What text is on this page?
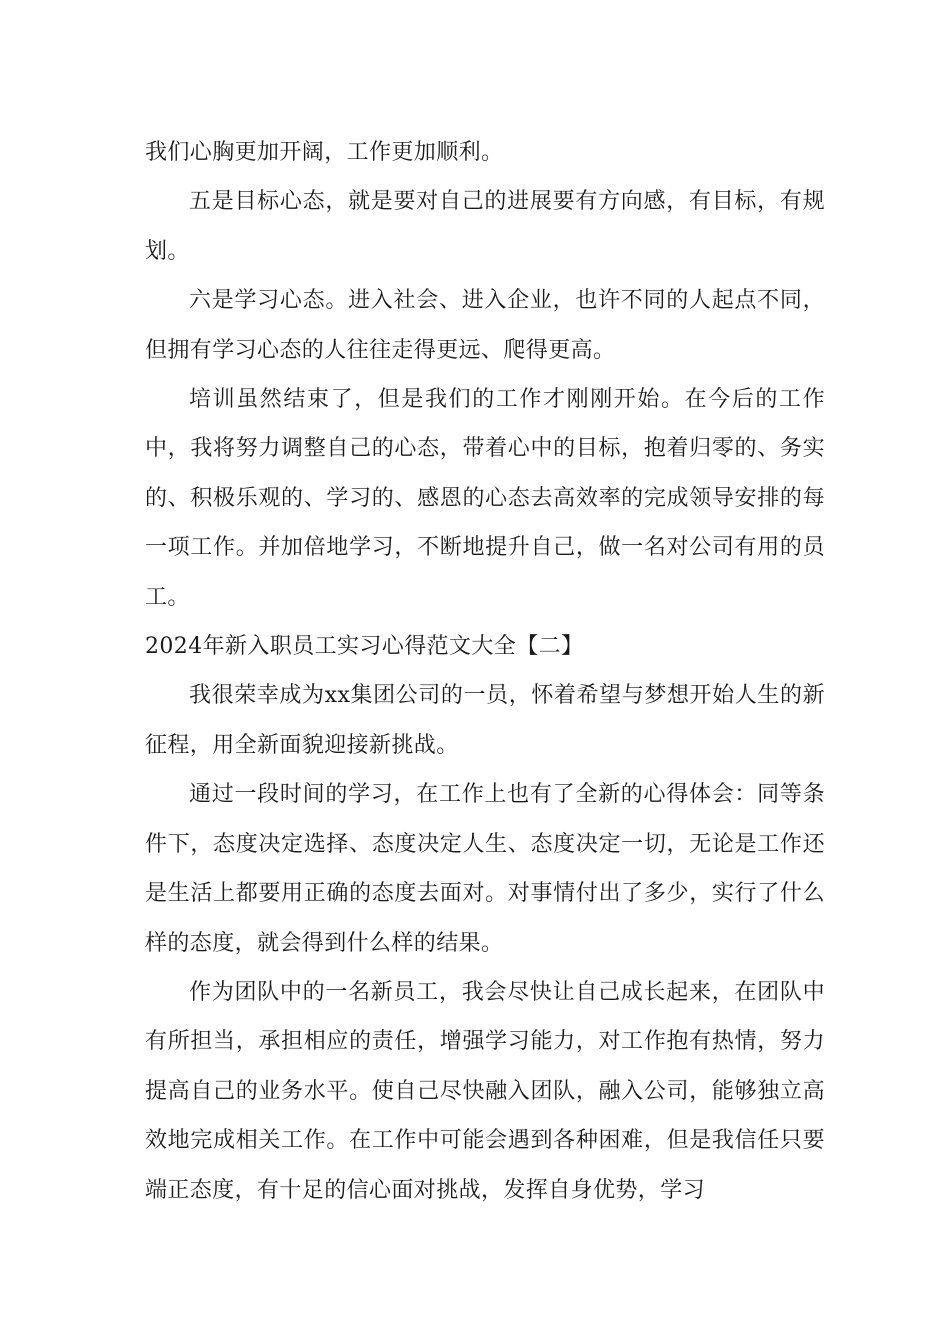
我们心胸更加开阔，工作更加顺利。

五是目标心态，就是要对自己的进展要有方向感，有目标，有规划。

六是学习心态。进入社会、进入企业，也许不同的人起点不同，但拥有学习心态的人往往走得更远、爬得更高。

培训虽然结束了，但是我们的工作才刚刚开始。在今后的工作中，我将努力调整自己的心态，带着心中的目标，抱着归零的、务实的、积极乐观的、学习的、感恩的心态去高效率的完成领导安排的每一项工作。并加倍地学习，不断地提升自己，做一名对公司有用的员工。

2024年新入职员工实习心得范文大全【二】

我很荣幸成为xx集团公司的一员，怀着希望与梦想开始人生的新征程，用全新面貌迎接新挑战。

通过一段时间的学习，在工作上也有了全新的心得体会：同等条件下，态度决定选择、态度决定人生、态度决定一切，无论是工作还是生活上都要用正确的态度去面对。对事情付出了多少，实行了什么样的态度，就会得到什么样的结果。

作为团队中的一名新员工，我会尽快让自己成长起来，在团队中有所担当，承担相应的责任，增强学习能力，对工作抱有热情，努力提高自己的业务水平。使自己尽快融入团队，融入公司，能够独立高效地完成相关工作。在工作中可能会遇到各种困难，但是我信任只要端正态度，有十足的信心面对挑战，发挥自身优势，学习
